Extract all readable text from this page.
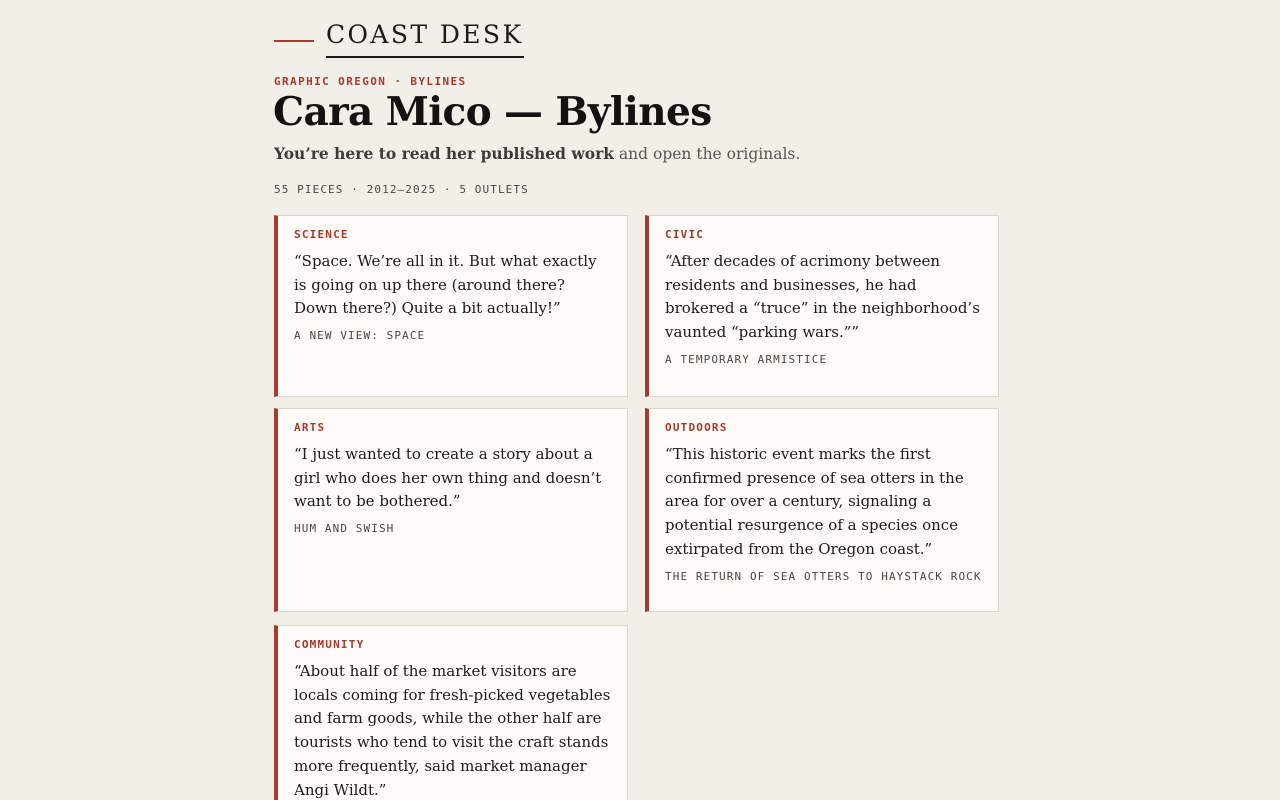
COAST DESK
GRAPHIC OREGON · BYLINES
Cara Mico — Bylines
You’re here to read her published work and open the originals.
55 PIECES · 2012–2025 · 5 OUTLETS
SCIENCE

“Space. We’re all in it. But what exactly is going on up there (around there? Down there?) Quite a bit actually!”

A NEW VIEW: SPACE
CIVIC

“After decades of acrimony between residents and businesses, he had brokered a “truce” in the neighborhood’s vaunted “parking wars.””

A TEMPORARY ARMISTICE
ARTS

“I just wanted to create a story about a girl who does her own thing and doesn’t want to be bothered.”

HUM AND SWISH
OUTDOORS

“This historic event marks the first confirmed presence of sea otters in the area for over a century, signaling a potential resurgence of a species once extirpated from the Oregon coast.”

THE RETURN OF SEA OTTERS TO HAYSTACK ROCK
COMMUNITY

“About half of the market visitors are locals coming for fresh-picked vegetables and farm goods, while the other half are tourists who tend to visit the craft stands more frequently, said market manager Angi Wildt.”
